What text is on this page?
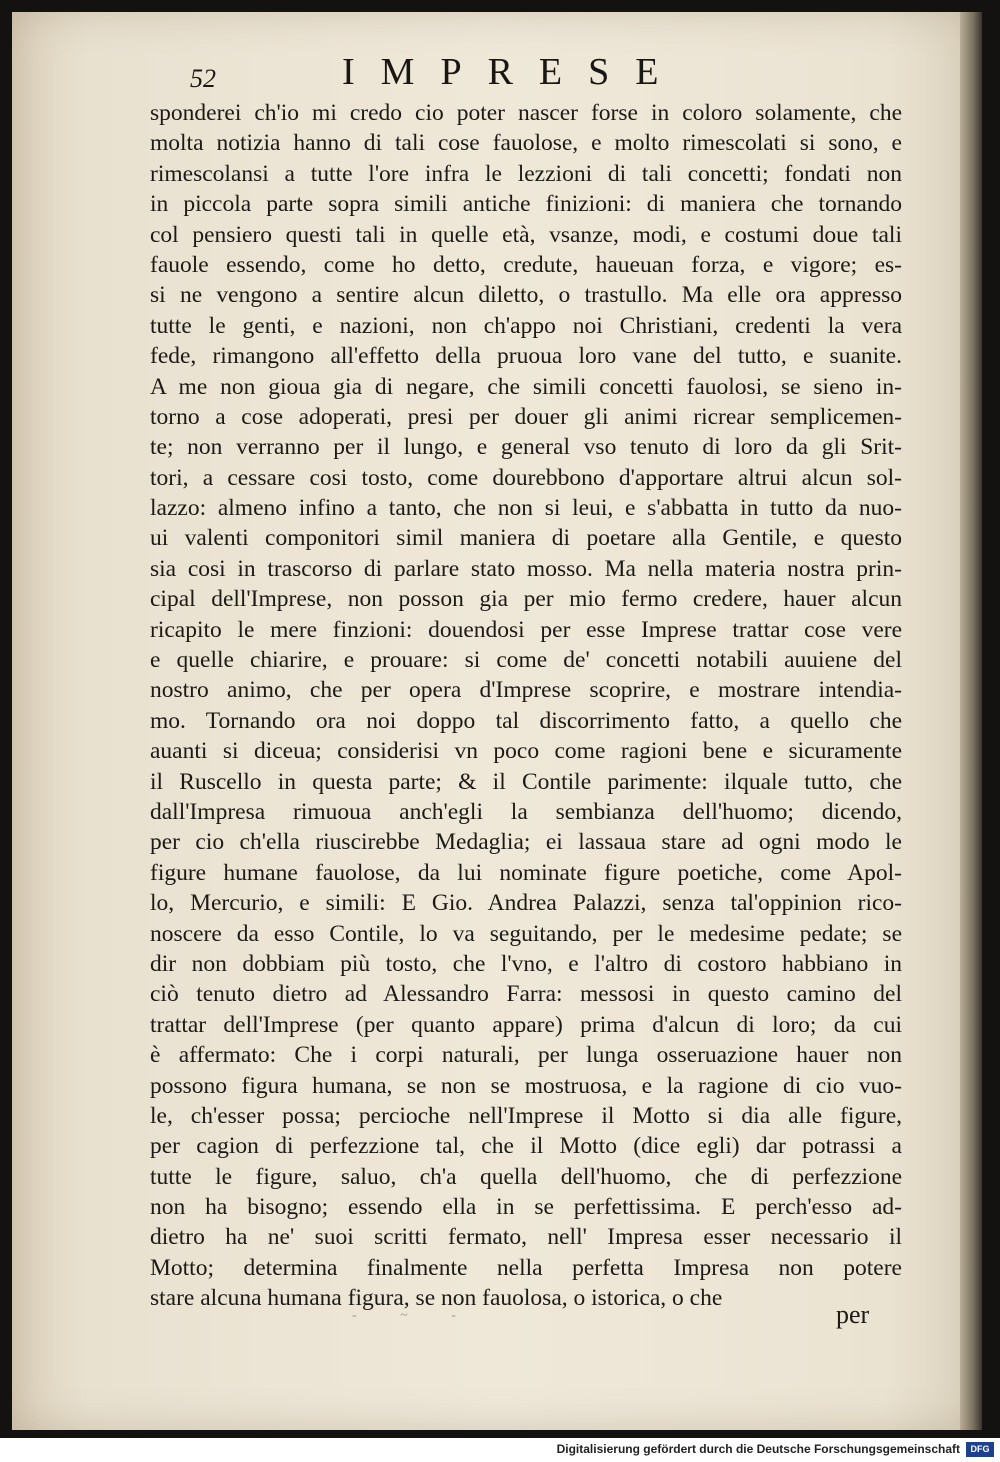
52	IMPRESE
sponderei ch'io mi credo cio poter nascer forse in coloro solamente, che
molta notizia hanno di tali cose fauolose, e molto rimescolati si sono, e
rimescolansi a tutte l'ore infra le lezzioni di tali concetti; fondati non
in piccola parte sopra simili antiche finizioni: di maniera che tornando
col pensiero questi tali in quelle età, vsanze, modi, e costumi doue tali
fauole essendo, come ho detto, credute, haueuan forza, e vigore; es-
si ne vengono a sentire alcun diletto, o trastullo. Ma elle ora appresso
tutte le genti, e nazioni, non ch'appo noi Christiani, credenti la vera
fede, rimangono all'effetto della pruoua loro vane del tutto, e suanite.
A me non gioua gia di negare, che simili concetti fauolosi, se sieno in-
torno a cose adoperati, presi per douer gli animi ricrear semplicemen-
te; non verranno per il lungo, e general vso tenuto di loro da gli Srit-
tori, a cessare cosi tosto, come dourebbono d'apportare altrui alcun sol-
lazzo: almeno infino a tanto, che non si leui, e s'abbatta in tutto da nuo-
ui valenti componitori simil maniera di poetare alla Gentile, e questo
sia cosi in trascorso di parlare stato mosso. Ma nella materia nostra prin-
cipal dell'Imprese, non posson gia per mio fermo credere, hauer alcun
ricapito le mere finzioni: douendosi per esse Imprese trattar cose vere
e quelle chiarire, e prouare: si come de' concetti notabili auuiene del
nostro animo, che per opera d'Imprese scoprire, e mostrare intendia-
mo. Tornando ora noi doppo tal discorrimento fatto, a quello che
auanti si diceua; considerisi vn poco come ragioni bene e sicuramente
il Ruscello in questa parte; & il Contile parimente: ilquale tutto, che
dall'Impresa rimuoua anch'egli la sembianza dell'huomo; dicendo,
per cio ch'ella riuscirebbe Medaglia; ei lassaua stare ad ogni modo le
figure humane fauolose, da lui nominate figure poetiche, come Apol-
lo, Mercurio, e simili: E Gio. Andrea Palazzi, senza tal'oppinion rico-
noscere da esso Contile, lo va seguitando, per le medesime pedate; se
dir non dobbiam più tosto, che l'vno, e l'altro di costoro habbiano in
ciò tenuto dietro ad Alessandro Farra: messosi in questo camino del
trattar dell'Imprese (per quanto appare) prima d'alcun di loro; da cui
è affermato: Che i corpi naturali, per lunga osseruazione hauer non
possono figura humana, se non se mostruosa, e la ragione di cio vuo-
le, ch'esser possa; percioche nell'Imprese il Motto si dia alle figure,
per cagion di perfezzione tal, che il Motto (dice egli) dar potrassi a
tutte le figure, saluo, ch'a quella dell'huomo, che di perfezzione
non ha bisogno; essendo ella in se perfettissima. E perch'esso ad-
dietro ha ne' suoi scritti fermato, nell' Impresa esser necessario il
Motto; determina finalmente nella perfetta Impresa non potere
stare alcuna humana figura, se non fauolosa, o istorica, o che
- ~ -	per
Digitalisierung gefördert durch die Deutsche Forschungsgemeinschaft	DFG
